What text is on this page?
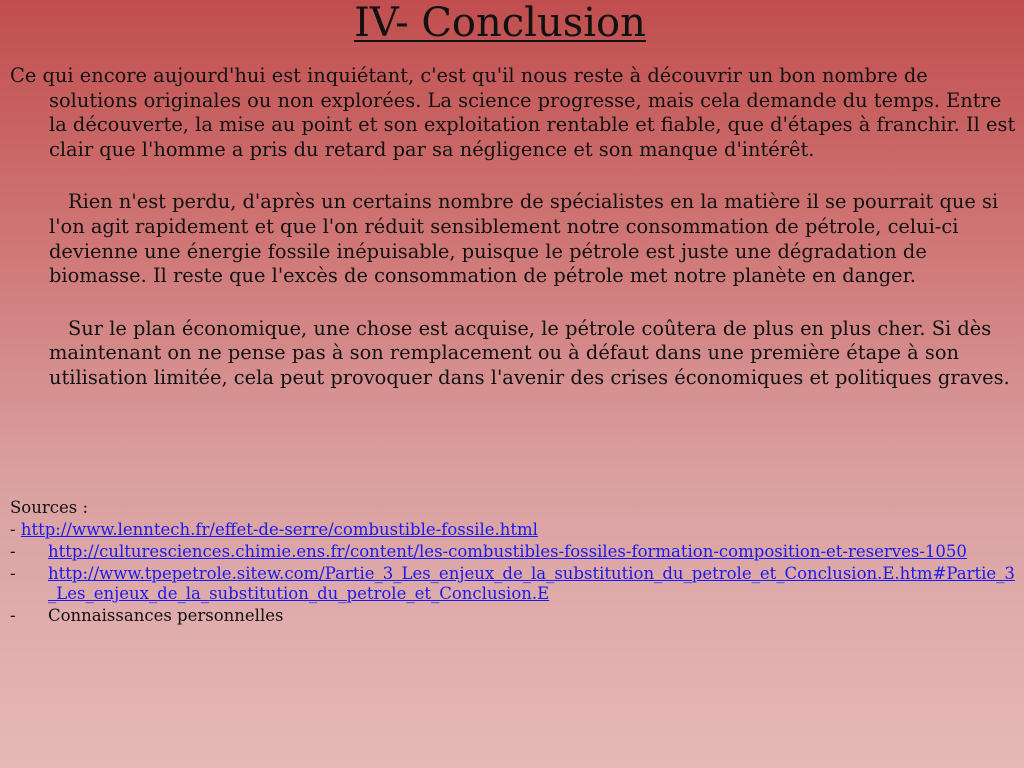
IV- Conclusion

Ce qui encore aujourd'hui est inquiétant, c'est qu'il nous reste à découvrir un bon nombre de solutions originales ou non explorées. La science progresse, mais cela demande du temps. Entre la découverte, la mise au point et son exploitation rentable et fiable, que d'étapes à franchir. Il est clair que l'homme a pris du retard par sa négligence et son manque d'intérêt.

Rien n'est perdu, d'après un certains nombre de spécialistes en la matière il se pourrait que si l'on agit rapidement et que l'on réduit sensiblement notre consommation de pétrole, celui-ci devienne une énergie fossile inépuisable, puisque le pétrole est juste une dégradation de biomasse. Il reste que l'excès de consommation de pétrole met notre planète en danger.

Sur le plan économique, une chose est acquise, le pétrole coûtera de plus en plus cher. Si dès maintenant on ne pense pas à son remplacement ou à défaut dans une première étape à son utilisation limitée, cela peut provoquer dans l'avenir des crises économiques et politiques graves.

Sources :

- http://www.lenntech.fr/effet-de-serre/combustible-fossile.html
-	http://culturesciences.chimie.ens.fr/content/les-combustibles-fossiles-formation-composition-et-reserves-1050
-	http://www.tpepetrole.sitew.com/Partie_3_Les_enjeux_de_la_substitution_du_petrole_et_Conclusion.E.htm#Partie_3_Les_enjeux_de_la_substitution_du_petrole_et_Conclusion.E
-	Connaissances personnelles
